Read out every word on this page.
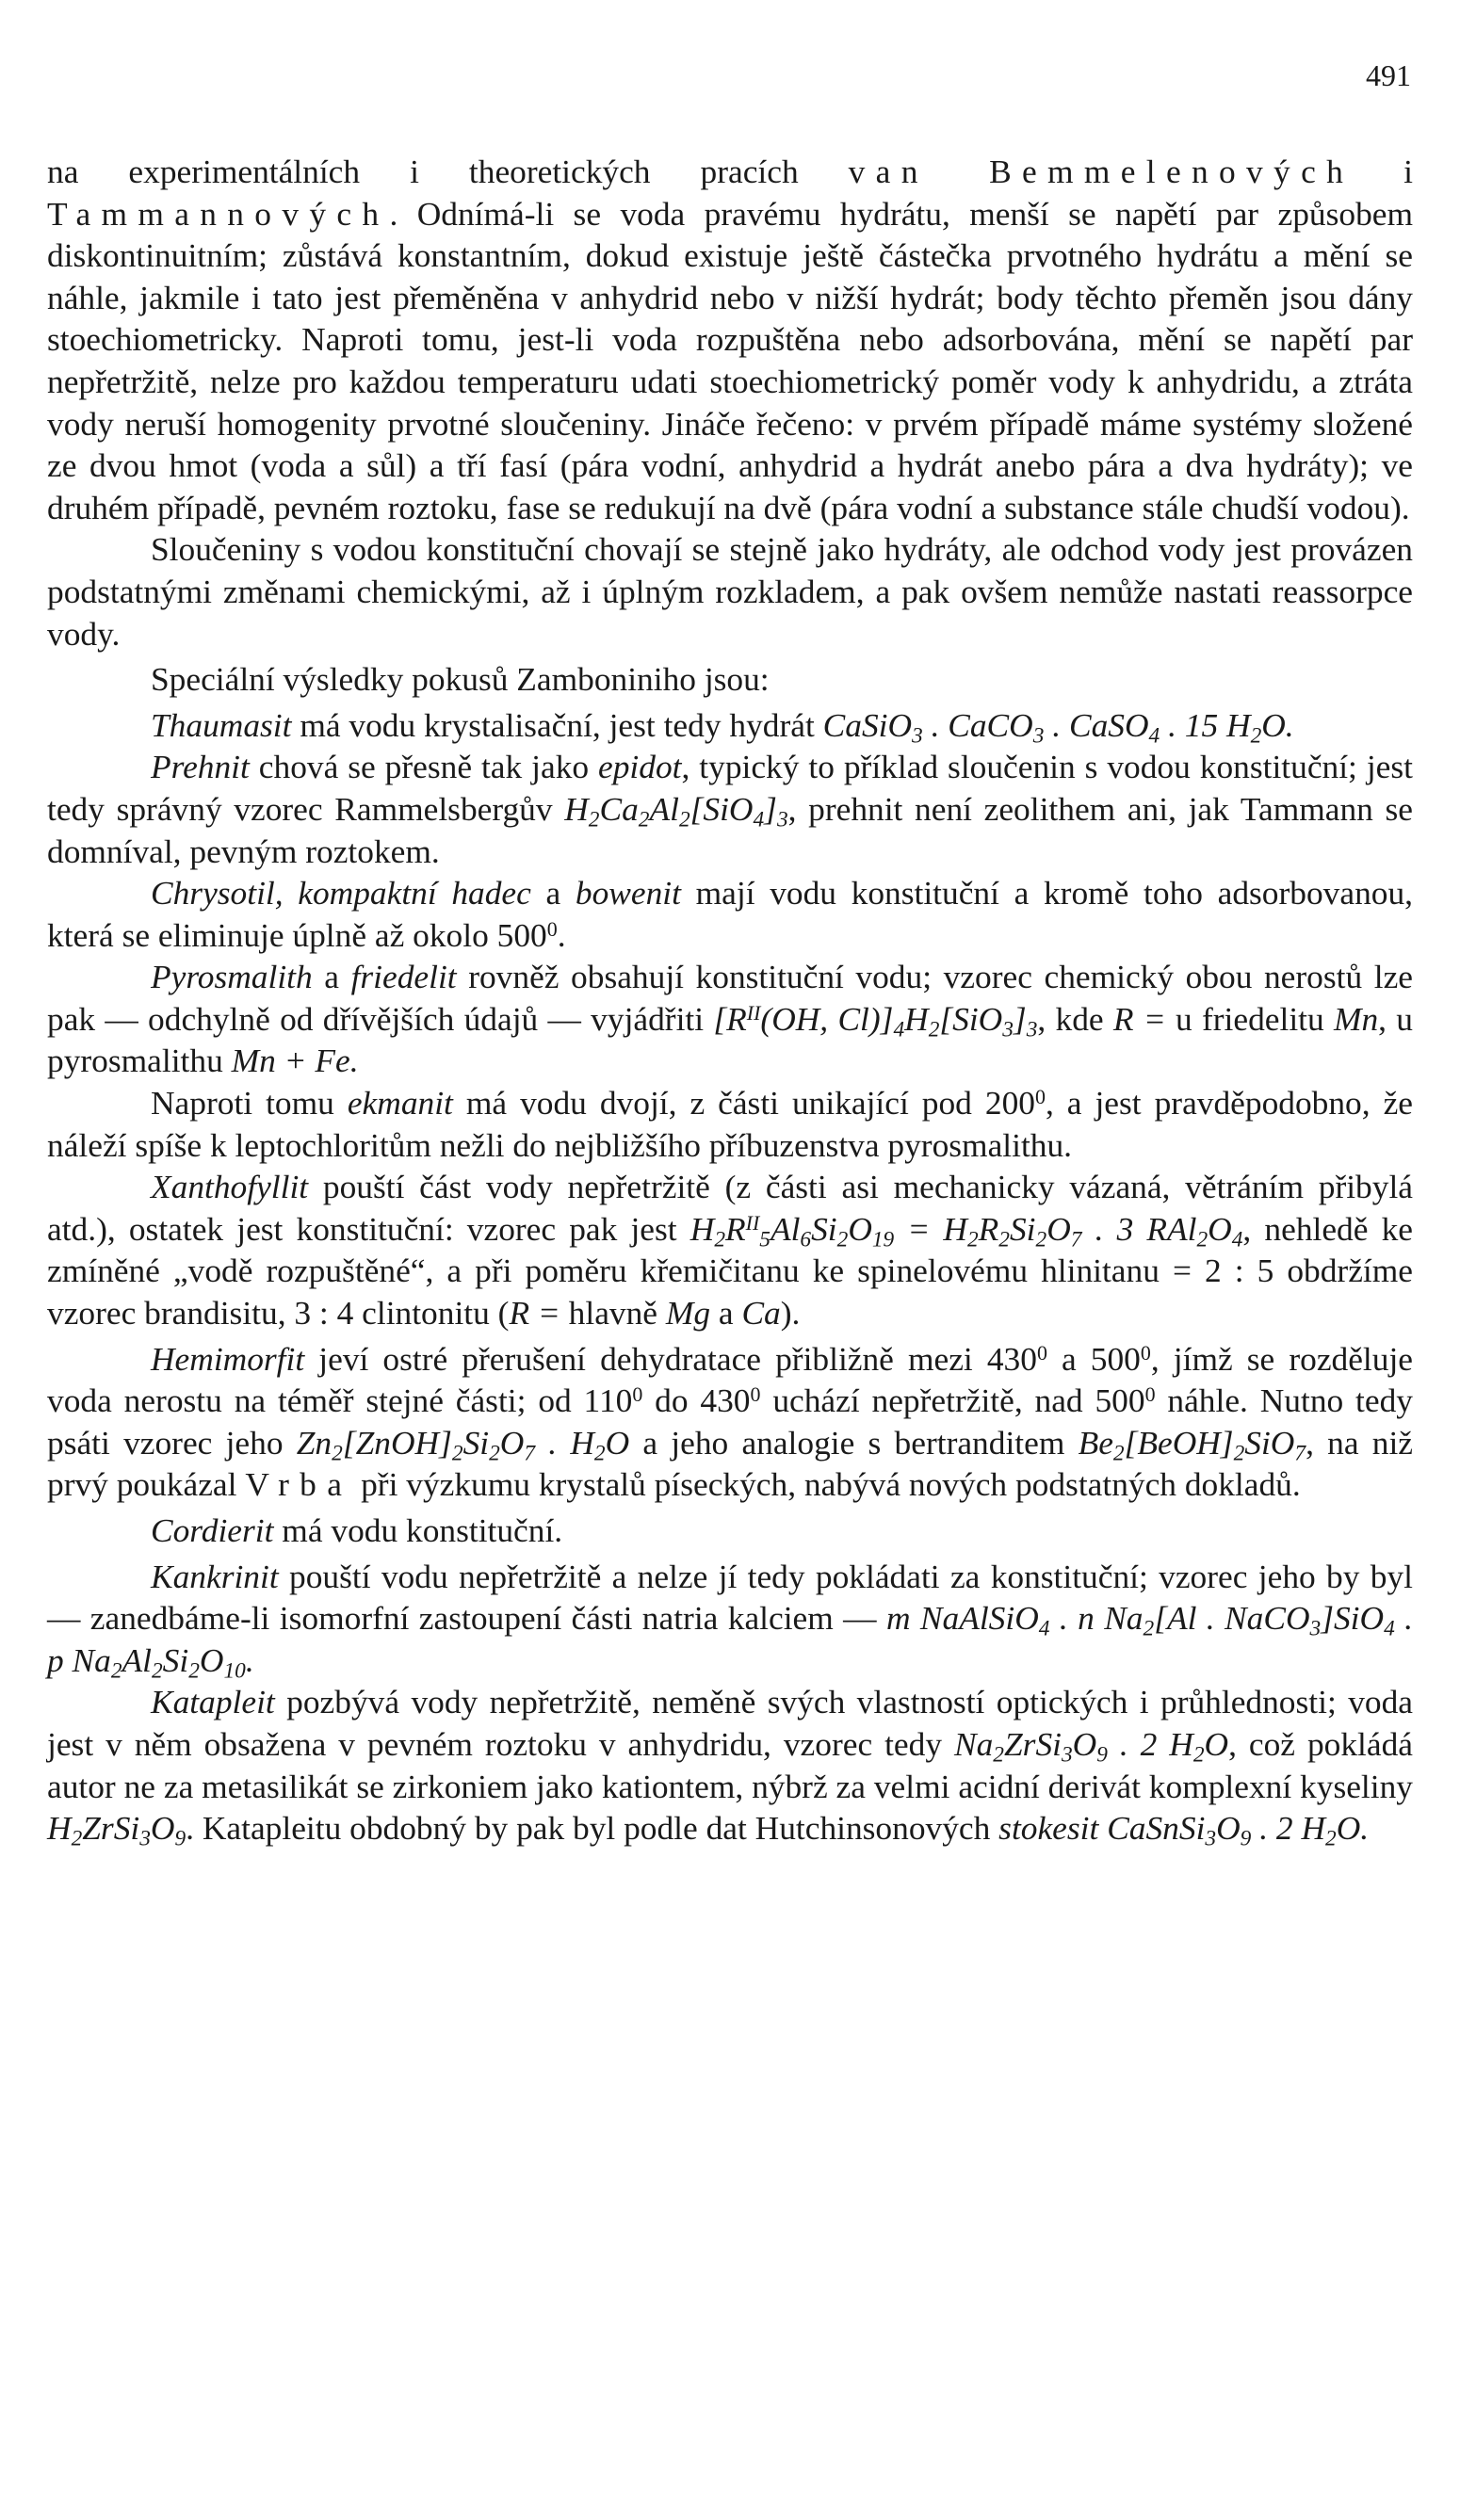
491

na experimentálních i theoretických pracích van Bemmelenových i Tammannových. Odnímá-li se voda pravému hydrátu, menší se napětí par způsobem diskontinuitním; zůstává konstantním, dokud existuje ještě částečka prvotného hydrátu a mění se náhle, jakmile i tato jest přeměněna v anhydrid nebo v nižší hydrát; body těchto přeměn jsou dány stoechiometricky. Naproti tomu, jest-li voda rozpuštěna nebo adsorbována, mění se napětí par nepřetržitě, nelze pro každou temperaturu udati stoechiometrický poměr vody k anhydridu, a ztráta vody neruší homogenity prvotné sloučeniny. Jináče řečeno: v prvém případě máme systémy složené ze dvou hmot (voda a sůl) a tří fasí (pára vodní, anhydrid a hydrát anebo pára a dva hydráty); ve druhém případě, pevném roztoku, fase se redukují na dvě (pára vodní a substance stále chudší vodou).

Sloučeniny s vodou konstituční chovají se stejně jako hydráty, ale odchod vody jest provázen podstatnými změnami chemickými, až i úplným rozkladem, a pak ovšem nemůže nastati reassorpce vody.

Speciální výsledky pokusů Zamboniniho jsou:

Thaumasit má vodu krystalisační, jest tedy hydrát CaSiO$_3$ . CaCO$_3$ . CaSO$_4$ . 15 $H_2O$.

Prehnit chová se přesně tak jako epidot, typický to příklad sloučenin s vodou konstituční; jest tedy správný vzorec Rammelsbergův $H_2Ca_2Al_2[SiO_4]_3$, prehnit není zeolithem ani, jak Tammann se domníval, pevným roztokem.

Chrysotil, kompaktní hadec a bowenit mají vodu konstituční a kromě toho adsorbovanou, která se eliminuje úplně až okolo $500^0$.

Pyrosmalith a friedelit rovněž obsahují konstituční vodu; vzorec chemický obou nerostů lze pak — odchylně od dřívějších údajů — vyjádřiti [$R^{II}(OH$, $Cl)]_4H_2[SiO_3]_3$, kde R = u friedelitu Mn, u pyrosmalithu Mn + Fe.

Naproti tomu ekmanit má vodu dvojí, z části unikající pod $200^0$, a jest pravděpodobno, že náleží spíše k leptochloritům nežli do nejbližšího příbuzenstva pyrosmalithu.

Xanthofyllit pouští část vody nepřetržitě (z části asi mechanicky vázaná, větráním přibylá atd.), ostatek jest konstituční: vzorec pak jest $H_2R^{II}_5Al_6Si_2O_{19} = H_2R_2Si_2O_7$ . 3 $RAl_2O_4$, nehledě ke zmíněné „vodě rozpuštěné“, a při poměru křemičitanu ke spinelovému hlinitanu = 2 : 5 obdržíme vzorec brandisitu, 3 : 4 clintonitu (R = hlavně Mg a Ca).

Hemimorfit jeví ostré přerušení dehydratace přibližně mezi $430^0$ a $500^0$, jímž se rozděluje voda nerostu na téměř stejné části; od $110^0$ do $430^0$ uchází nepřetržitě, nad $500^0$ náhle. Nutno tedy psáti vzorec jeho $Zn_2[ZnOH]_2Si_2O_7$ . $H_2O$ a jeho analogie s bertranditem $Be_2[BeOH]_2SiO_7$, na niž prvý poukázal Vrba při výzkumu krystalů píseckých, nabývá nových podstatných dokladů.

Cordierit má vodu konstituční.

Kankrinit pouští vodu nepřetržitě a nelze jí tedy pokládati za konstituční; vzorec jeho by byl — zanedbáme-li isomorfní zastoupení části natria kalciem — m NaAlSiO$_4$ . n $Na_2[Al$ . NaCO$_3$]SiO$_4$ . p $Na_2Al_2Si_2O_{10}$.

Katapleit pozbývá vody nepřetržitě, neměně svých vlastností optických i průhlednosti; voda jest v něm obsažena v pevném roztoku v anhydridu, vzorec tedy $Na_2ZrSi_3O_9$ . 2 $H_2O$, což pokládá autor ne za metasilikát se zirkoniem jako kationtem, nýbrž za velmi acidní derivát komplexní kyseliny $H_2ZrSi_3O_9$. Katapleitu obdobný by pak byl podle dat Hutchinsonových stokesit $CaSnSi_3O_9$ . 2 $H_2O$.
